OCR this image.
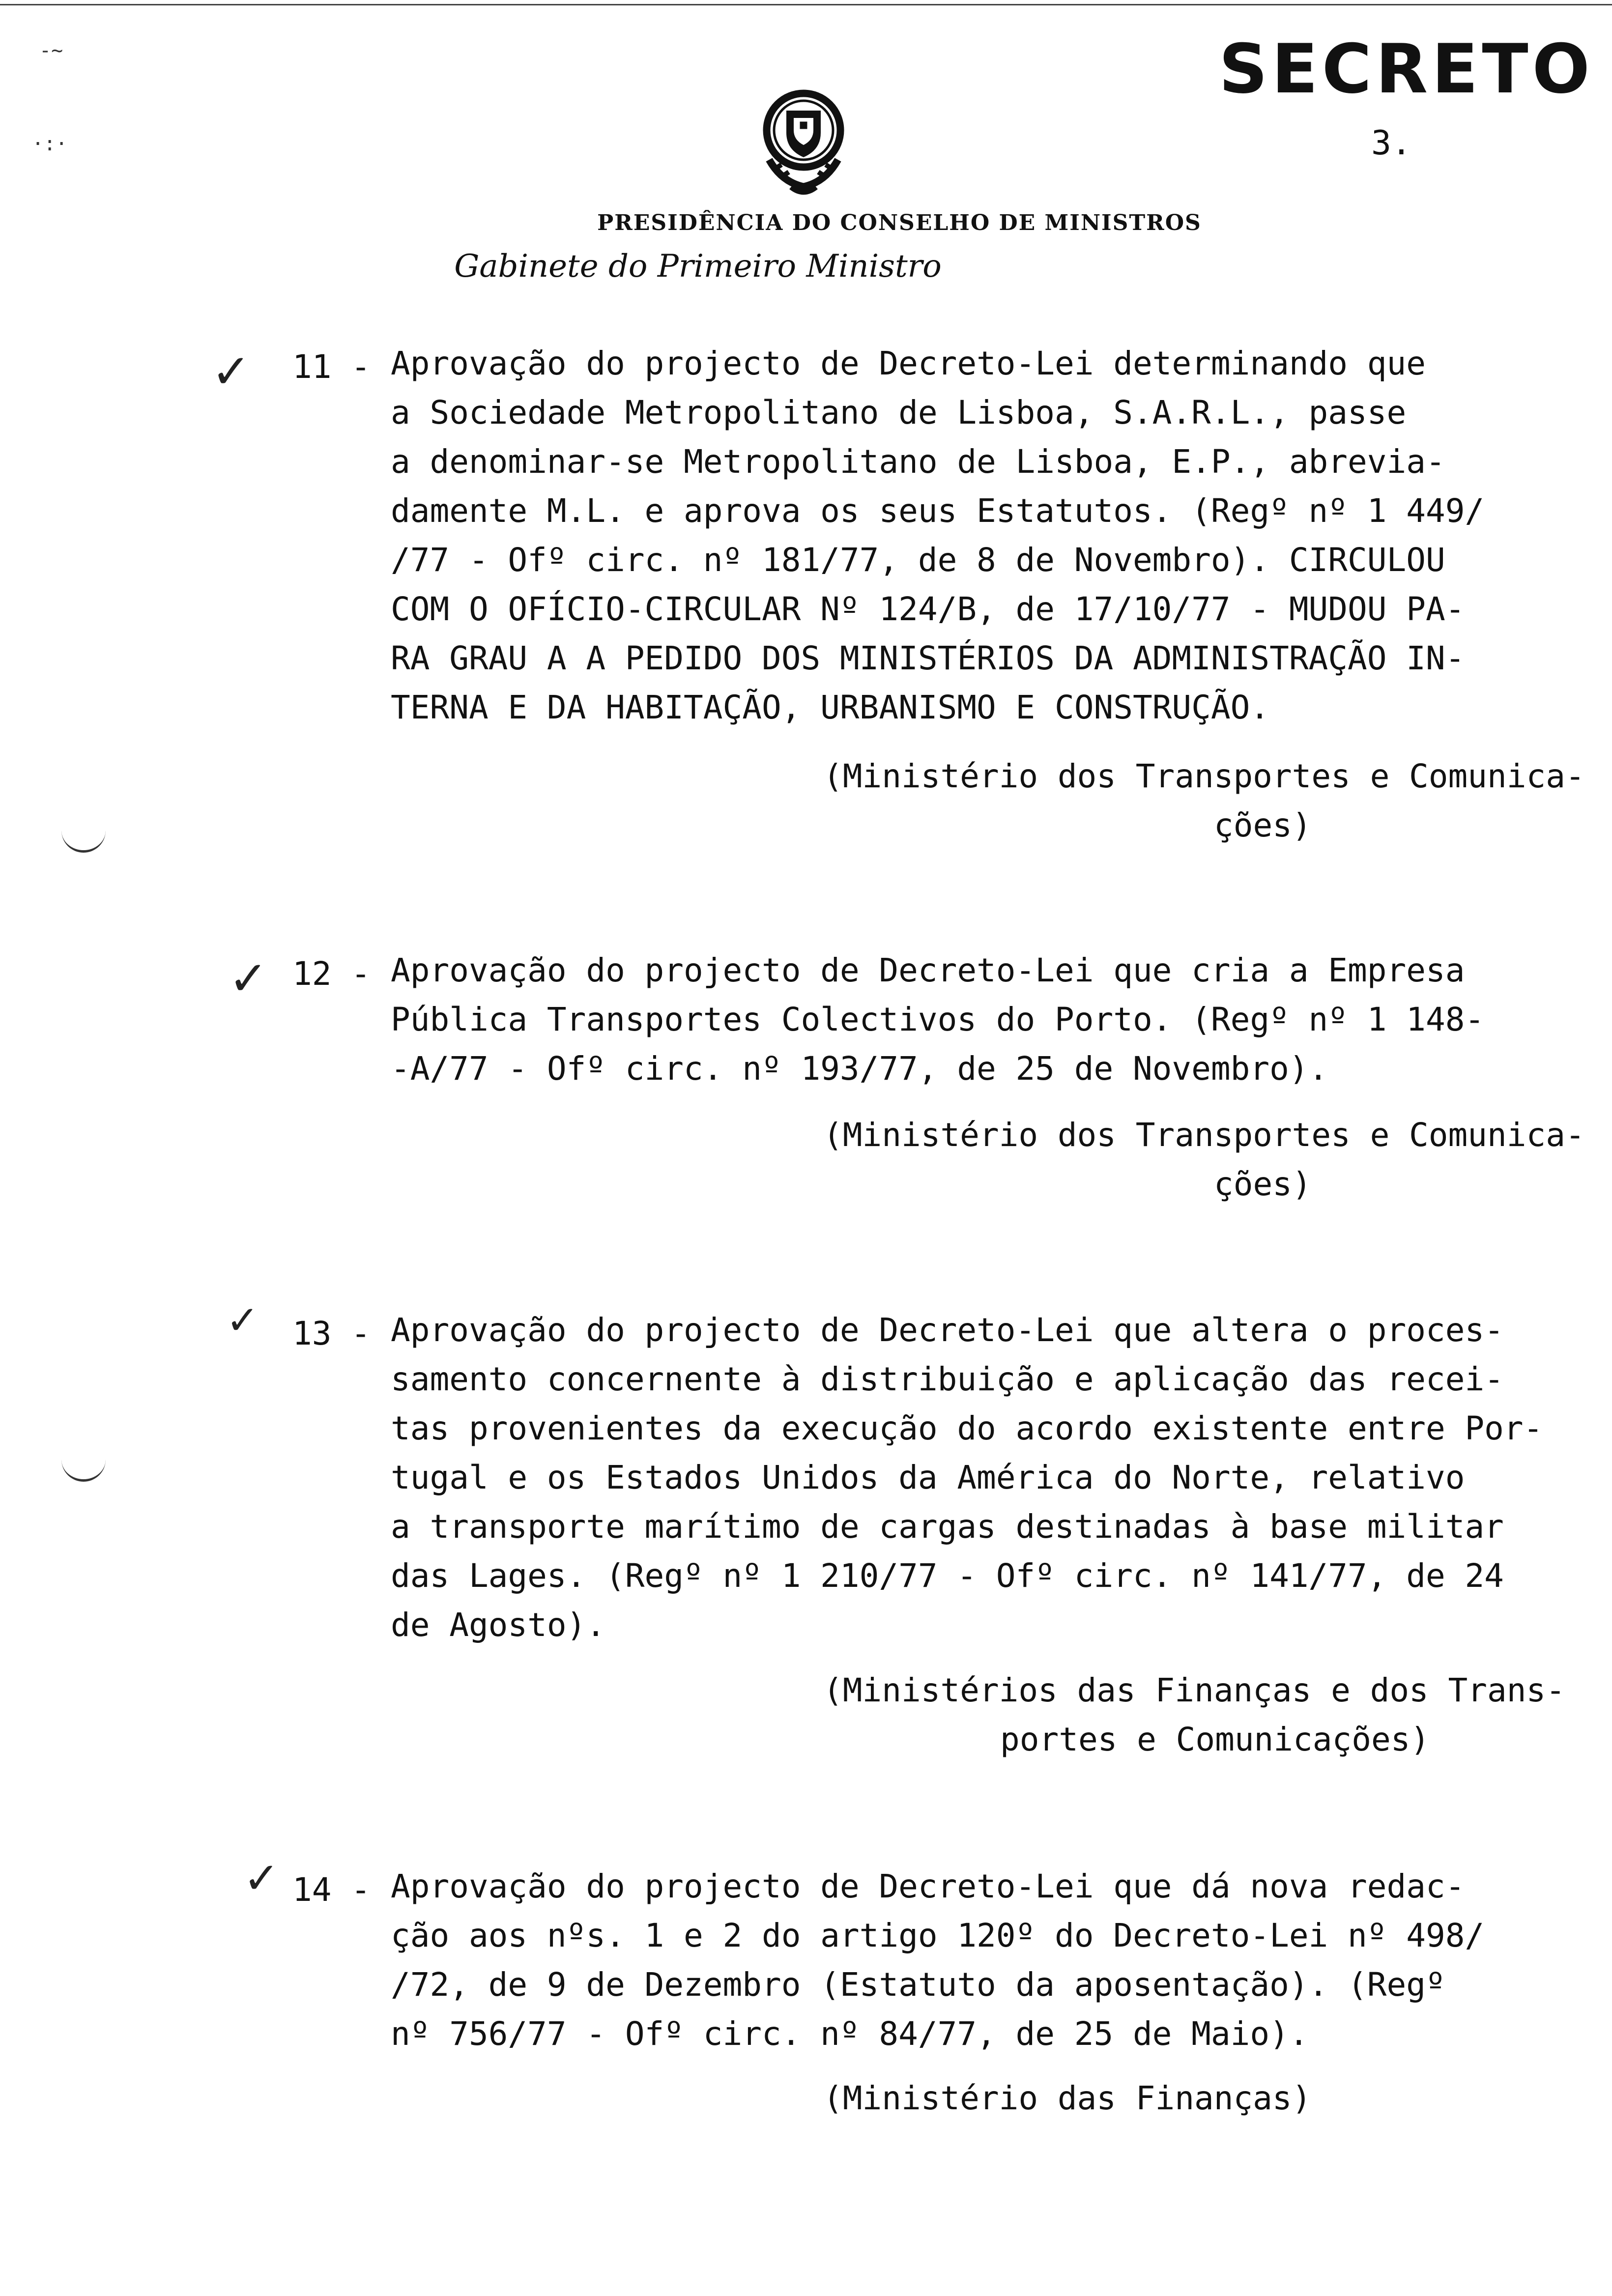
-~
·:·
SECRETO
3.
PRESIDÊNCIA DO CONSELHO DE MINISTROS
Gabinete do Primeiro Ministro
✓ 11 - Aprovação do projecto de Decreto-Lei determinando que
a Sociedade Metropolitano de Lisboa, S.A.R.L., passe
a denominar-se Metropolitano de Lisboa, E.P., abrevia-
damente M.L. e aprova os seus Estatutos. (Regº nº 1 449/
/77 - Ofº circ. nº 181/77, de 8 de Novembro). CIRCULOU
COM O OFÍCIO-CIRCULAR Nº 124/B, de 17/10/77 - MUDOU PA-
RA GRAU A A PEDIDO DOS MINISTÉRIOS DA ADMINISTRAÇÃO IN-
TERNA E DA HABITAÇÃO, URBANISMO E CONSTRUÇÃO.
(Ministério dos Transportes e Comunica-
ções)
✓ 12 - Aprovação do projecto de Decreto-Lei que cria a Empresa
Pública Transportes Colectivos do Porto. (Regº nº 1 148-
-A/77 - Ofº circ. nº 193/77, de 25 de Novembro).
(Ministério dos Transportes e Comunica-
ções)
✓ 13 - Aprovação do projecto de Decreto-Lei que altera o proces-
samento concernente à distribuição e aplicação das recei-
tas provenientes da execução do acordo existente entre Por-
tugal e os Estados Unidos da América do Norte, relativo
a transporte marítimo de cargas destinadas à base militar
das Lages. (Regº nº 1 210/77 - Ofº circ. nº 141/77, de 24
de Agosto).
(Ministérios das Finanças e dos Trans-
portes e Comunicações)
✓ 14 - Aprovação do projecto de Decreto-Lei que dá nova redac-
ção aos nºs. 1 e 2 do artigo 120º do Decreto-Lei nº 498/
/72, de 9 de Dezembro (Estatuto da aposentação). (Regº
nº 756/77 - Ofº circ. nº 84/77, de 25 de Maio).
(Ministério das Finanças)
